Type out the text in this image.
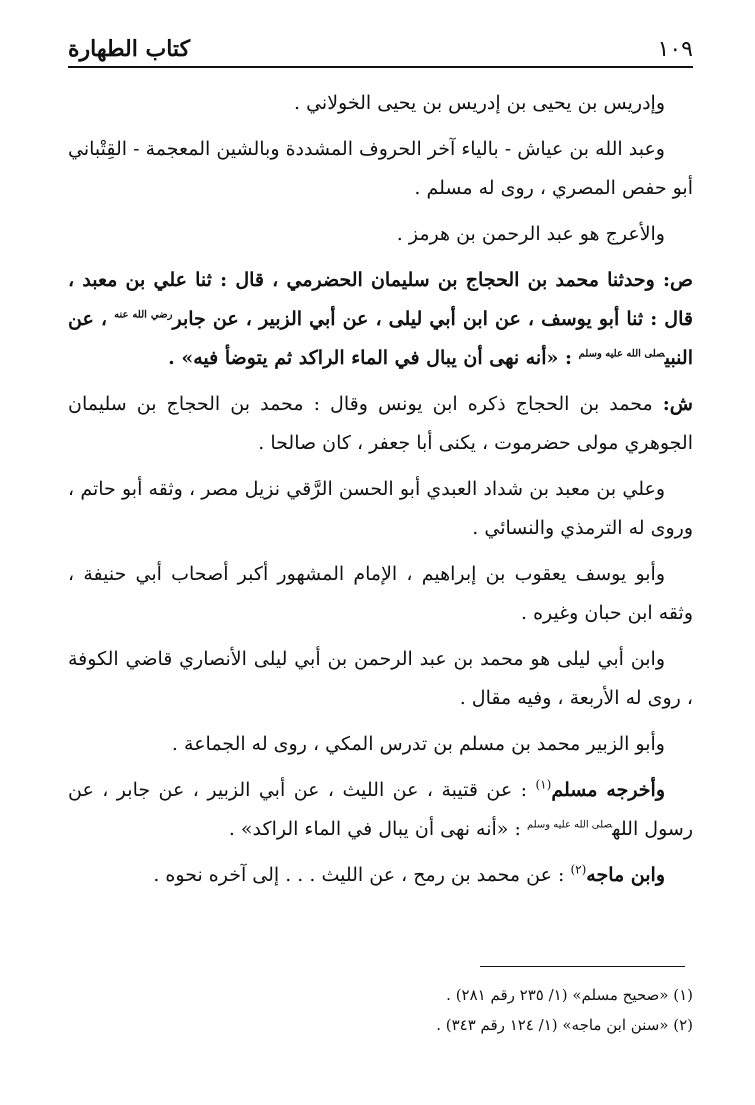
كتاب الطهارة	١٠٩

وإدريس بن يحيى بن إدريس بن يحيى الخولاني .

وعبد الله بن عياش - بالياء آخر الحروف المشددة وبالشين المعجمة - القِتْباني أبو حفص المصري ، روى له مسلم .

والأعرج هو عبد الرحمن بن هرمز .

ص: وحدثنا محمد بن الحجاج بن سليمان الحضرمي ، قال : ثنا علي بن معبد ، قال : ثنا أبو يوسف ، عن ابن أبي ليلى ، عن أبي الزبير ، عن جابر$^{رضي الله عنه}$ ، عن النبي$^{صلى الله عليه وسلم}$ : «أنه نهى أن يبال في الماء الراكد ثم يتوضأ فيه» .

ش: محمد بن الحجاج ذكره ابن يونس وقال : محمد بن الحجاج بن سليمان الجوهري مولى حضرموت ، يكنى أبا جعفر ، كان صالحا .

وعلي بن معبد بن شداد العبدي أبو الحسن الرَّقي نزيل مصر ، وثقه أبو حاتم ، وروى له الترمذي والنسائي .

وأبو يوسف يعقوب بن إبراهيم ، الإمام المشهور أكبر أصحاب أبي حنيفة ، وثقه ابن حبان وغيره .

وابن أبي ليلى هو محمد بن عبد الرحمن بن أبي ليلى الأنصاري قاضي الكوفة ، روى له الأربعة ، وفيه مقال .

وأبو الزبير محمد بن مسلم بن تدرس المكي ، روى له الجماعة .

وأخرجه مسلم$^{(١)}$ : عن قتيبة ، عن الليث ، عن أبي الزبير ، عن جابر ، عن رسول الله$^{صلى الله عليه وسلم}$ : «أنه نهى أن يبال في الماء الراكد» .

وابن ماجه$^{(٢)}$ : عن محمد بن رمح ، عن الليث . . . إلى آخره نحوه .

(١) «صحيح مسلم» (١/ ٢٣٥ رقم ٢٨١) .

(٢) «سنن ابن ماجه» (١/ ١٢٤ رقم ٣٤٣) .
